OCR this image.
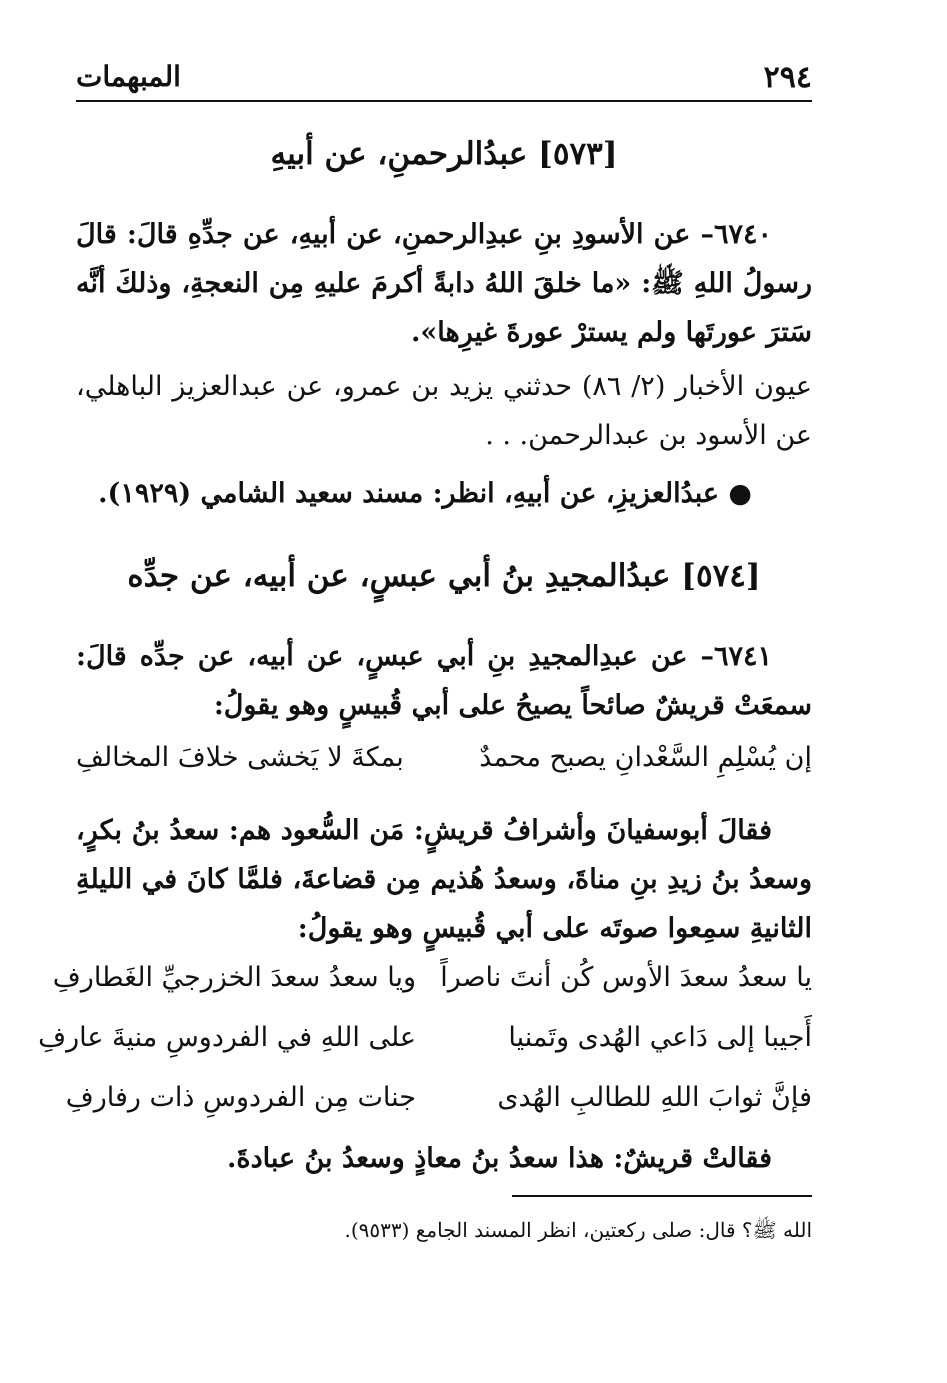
٢٩٤
المبهمات
[٥٧٣] عبدُالرحمنِ، عن أبيهِ
٦٧٤٠– عن الأسودِ بنِ عبدِالرحمنِ، عن أبيهِ، عن جدِّهِ قالَ: قالَ رسولُ اللهِ ﷺ: «ما خلقَ اللهُ دابةً أكرمَ عليهِ مِن النعجةِ، وذلكَ أنَّه سَترَ عورتَها ولم يسترْ عورةَ غيرِها».
عيون الأخبار (٢/ ٨٦) حدثني يزيد بن عمرو، عن عبدالعزيز الباهلي، عن الأسود بن عبدالرحمن. . .
● عبدُالعزيزِ، عن أبيهِ، انظر: مسند سعيد الشامي (١٩٢٩).
[٥٧٤] عبدُالمجيدِ بنُ أبي عبسٍ، عن أبيه، عن جدِّه
٦٧٤١– عن عبدِالمجيدِ بنِ أبي عبسٍ، عن أبيه، عن جدِّه قالَ: سمعَتْ قريشٌ صائحاً يصيحُ على أبي قُبيسٍ وهو يقولُ:
إن يُسْلِمِ السَّعْدانِ يصبح محمدٌ
بمكةَ لا يَخشى خلافَ المخالفِ
فقالَ أبوسفيانَ وأشرافُ قريشٍ: مَن السُّعود هم: سعدُ بنُ بكرٍ، وسعدُ بنُ زيدِ بنِ مناةَ، وسعدُ هُذيم مِن قضاعةَ، فلمَّا كانَ في الليلةِ الثانيةِ سمِعوا صوتَه على أبي قُبيسٍ وهو يقولُ:
يا سعدُ سعدَ الأوس كُن أنتَ ناصراً
ويا سعدُ سعدَ الخزرجيِّ الغَطارفِ
أَجيبا إلى دَاعي الهُدى وتَمنيا
على اللهِ في الفردوسِ منيةَ عارفِ
فإنَّ ثوابَ اللهِ للطالبِ الهُدى
جنات مِن الفردوسِ ذات رفارفِ
فقالتْ قريشٌ: هذا سعدُ بنُ معاذٍ وسعدُ بنُ عبادةَ.
الله ﷺ؟ قال: صلى ركعتين، انظر المسند الجامع (٩٥٣٣).
